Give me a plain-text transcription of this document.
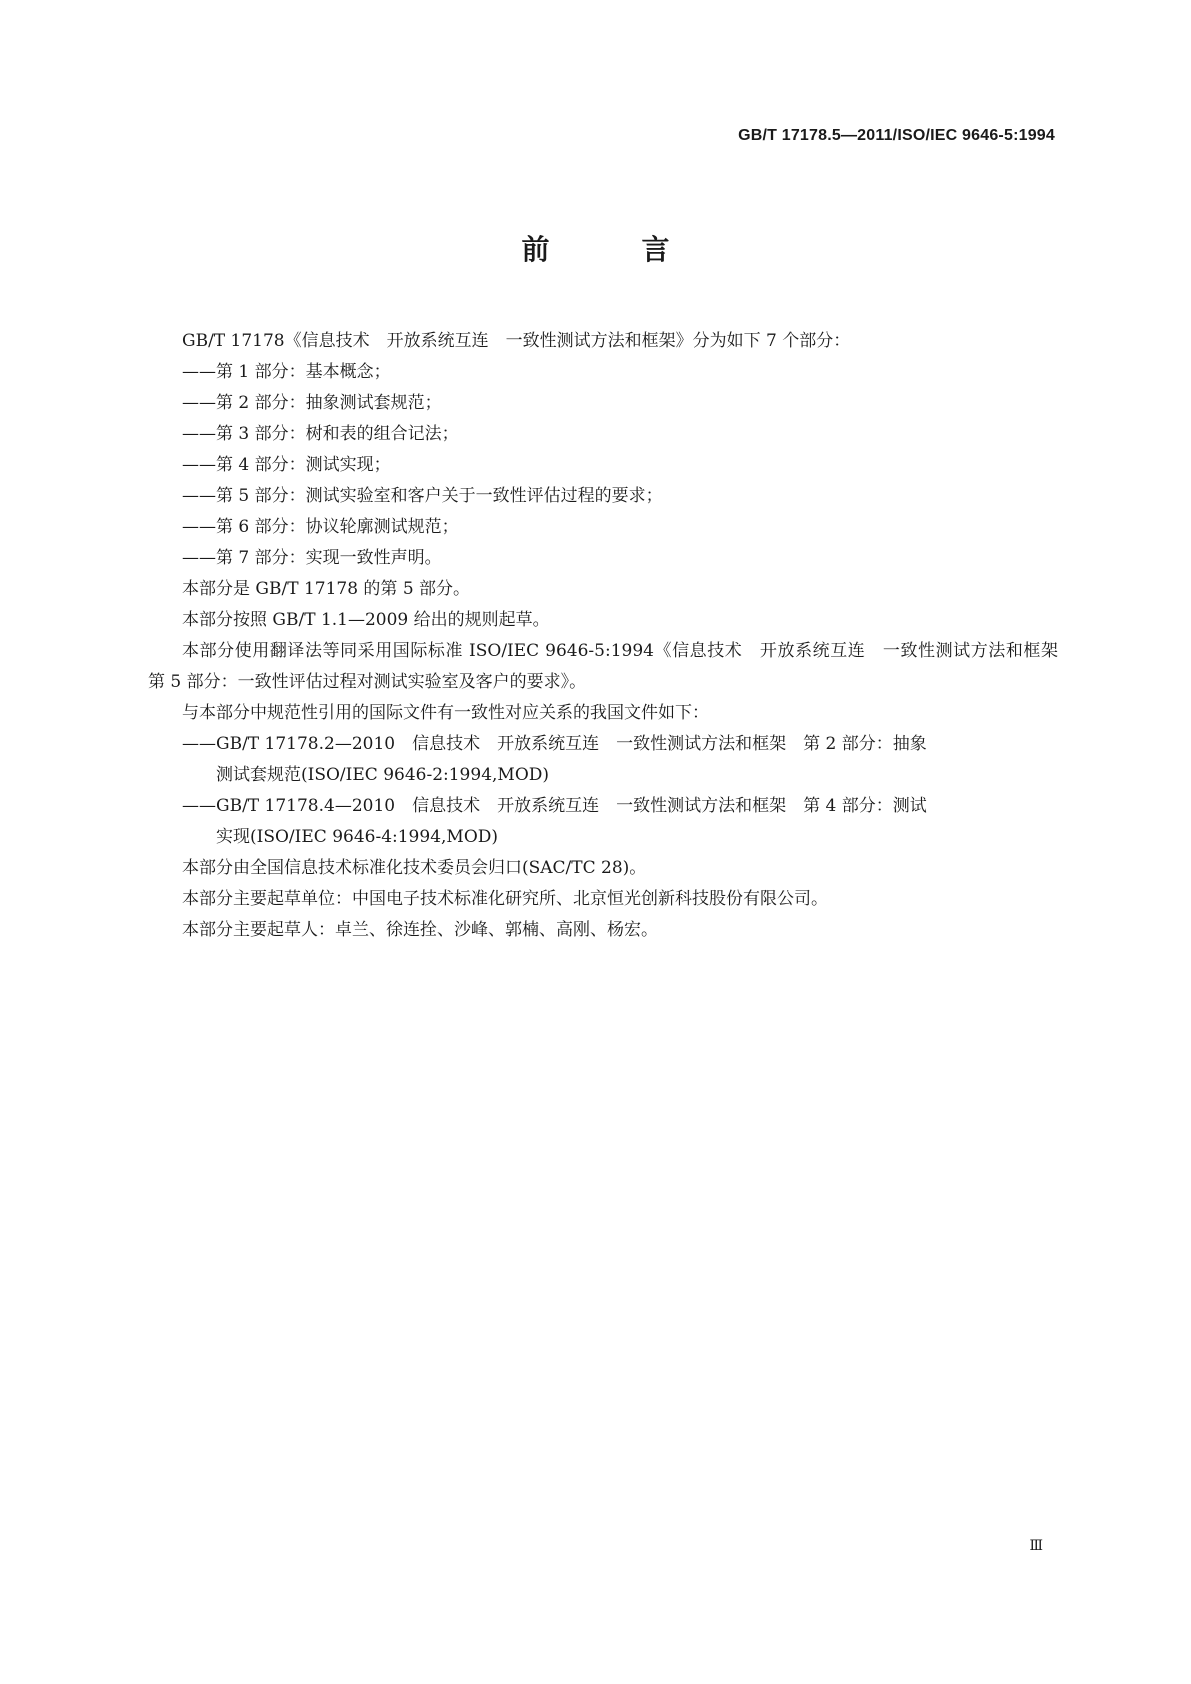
GB/T 17178.5—2011/ISO/IEC 9646-5:1994
前　言

GB/T 17178《信息技术　开放系统互连　一致性测试方法和框架》分为如下 7 个部分：

——第 1 部分：基本概念；

——第 2 部分：抽象测试套规范；

——第 3 部分：树和表的组合记法；

——第 4 部分：测试实现；

——第 5 部分：测试实验室和客户关于一致性评估过程的要求；

——第 6 部分：协议轮廓测试规范；

——第 7 部分：实现一致性声明。

本部分是 GB/T 17178 的第 5 部分。

本部分按照 GB/T 1.1—2009 给出的规则起草。

本部分使用翻译法等同采用国际标准 ISO/IEC 9646-5:1994《信息技术　开放系统互连　一致性测试方法和框架　第 5 部分：一致性评估过程对测试实验室及客户的要求》。

与本部分中规范性引用的国际文件有一致性对应关系的我国文件如下：

——GB/T 17178.2—2010　信息技术　开放系统互连　一致性测试方法和框架　第 2 部分：抽象
测试套规范(ISO/IEC 9646-2:1994,MOD)

——GB/T 17178.4—2010　信息技术　开放系统互连　一致性测试方法和框架　第 4 部分：测试
实现(ISO/IEC 9646-4:1994,MOD)

本部分由全国信息技术标准化技术委员会归口(SAC/TC 28)。

本部分主要起草单位：中国电子技术标准化研究所、北京恒光创新科技股份有限公司。

本部分主要起草人：卓兰、徐连拴、沙峰、郭楠、高刚、杨宏。

Ⅲ
